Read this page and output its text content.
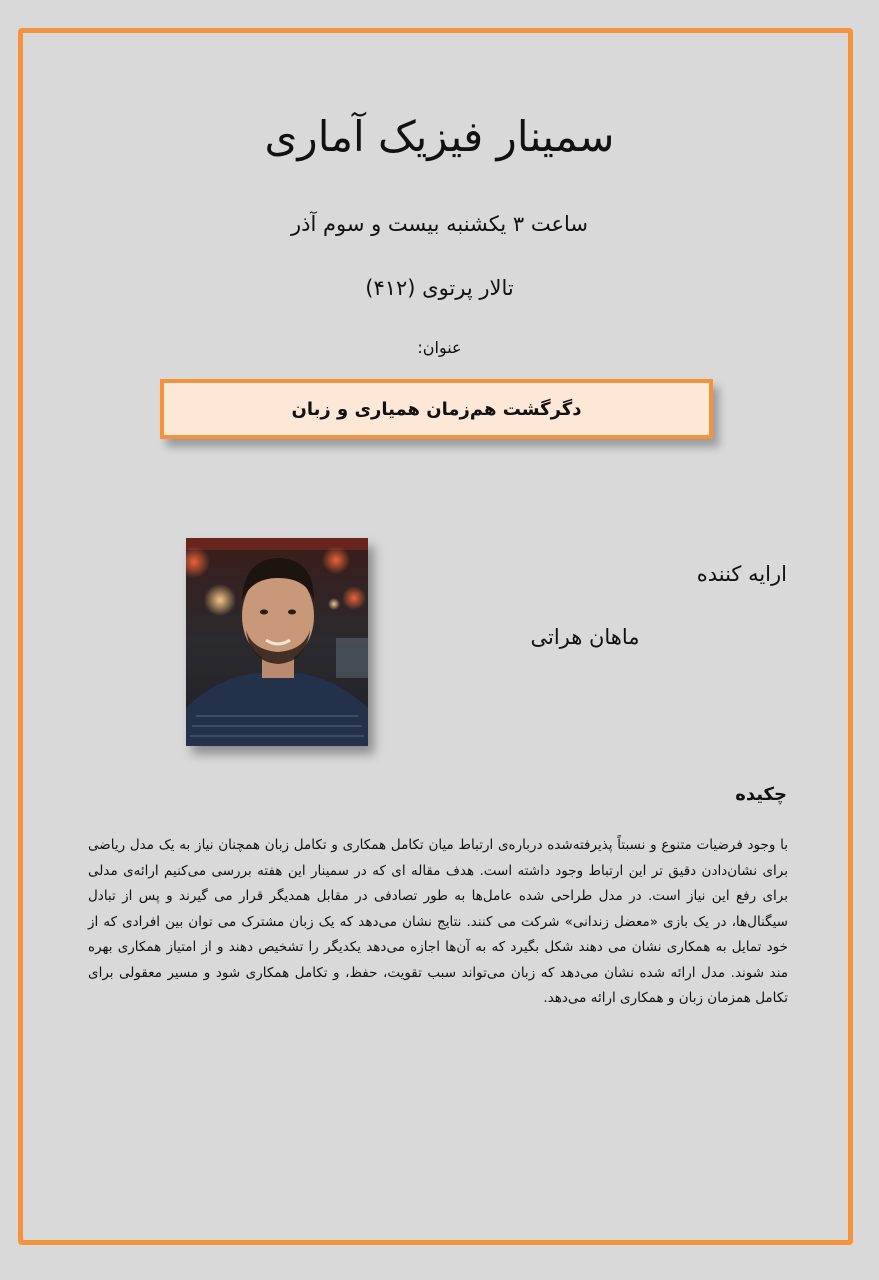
سمینار فیزیک آماری
ساعت ۳ یکشنبه بیست و سوم آذر
تالار پرتوی (۴۱۲)
عنوان:
دگرگشت هم‌زمان همیاری و زبان
ارایه کننده
ماهان هراتی
چکیده
با وجود فرضیات متنوع و نسبتاً پذیرفته‌شده درباره‌ی ارتباط میان تکامل همکاری و تکامل زبان همچنان نیاز به یک مدل ریاضی برای نشان‌دادن دقیق تر این ارتباط وجود داشته است. هدف مقاله ای که در سمینار این هفته بررسی می‌کنیم ارائه‌ی مدلی برای رفع این نیاز است. در مدل طراحی شده عامل‌ها به طور تصادفی در مقابل همدیگر قرار می گیرند و پس از تبادل سیگنال‌ها، در یک بازی «معضل زندانی» شرکت می کنند. نتایج نشان می‌دهد که یک زبان مشترک می توان بین افرادی که از خود تمایل به همکاری نشان می دهند شکل بگیرد که به آن‌ها اجازه می‌دهد یکدیگر را تشخیص دهند و از امتیاز همکاری بهره مند شوند. مدل ارائه شده نشان می‌دهد که زبان می‌تواند سبب تقویت، حفظ، و تکامل همکاری شود و مسیر معقولی برای تکامل همزمان زبان و همکاری ارائه می‌دهد.
